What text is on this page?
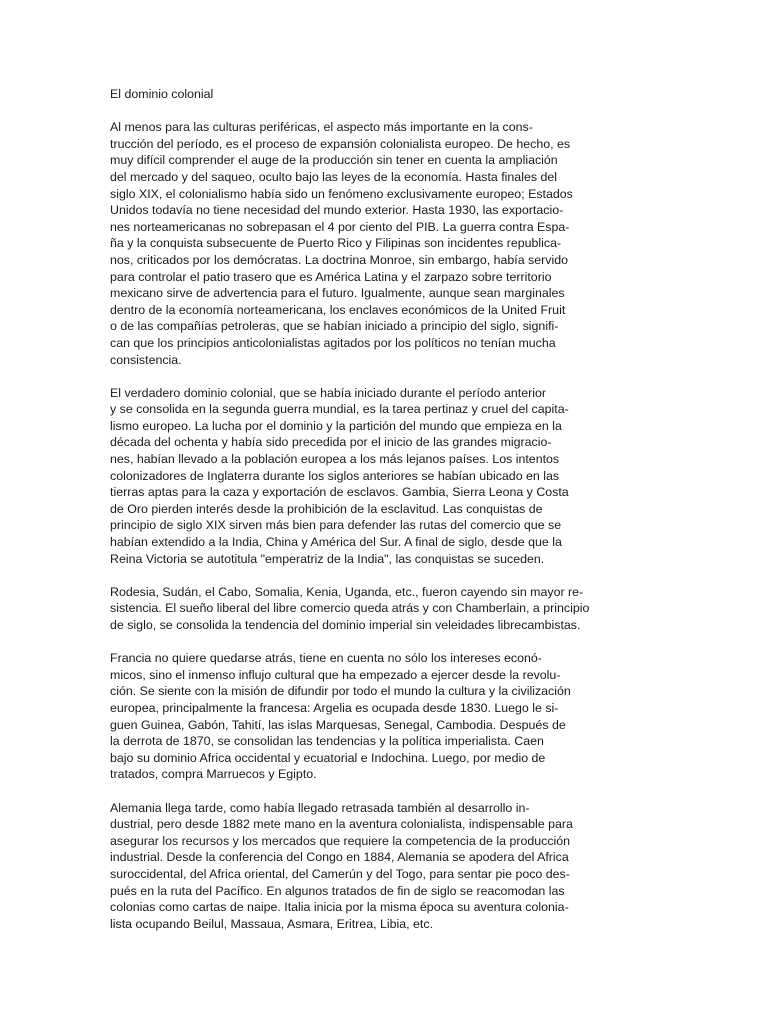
El dominio colonial
Al menos para las culturas periféricas, el aspecto más importante en la cons-
trucción del período, es el proceso de expansión colonialista europeo. De hecho, es
muy difícil comprender el auge de la producción sin tener en cuenta la ampliación
del mercado y del saqueo, oculto bajo las leyes de la economía. Hasta finales del
siglo XIX, el colonialismo había sido un fenómeno exclusivamente europeo; Estados
Unidos todavía no tiene necesidad del mundo exterior. Hasta 1930, las exportacio-
nes norteamericanas no sobrepasan el 4 por ciento del PIB. La guerra contra Espa-
ña y la conquista subsecuente de Puerto Rico y Filipinas son incidentes republica-
nos, criticados por los demócratas. La doctrina Monroe, sin embargo, había servido
para controlar el patio trasero que es América Latina y el zarpazo sobre territorio
mexicano sirve de advertencia para el futuro. Igualmente, aunque sean marginales
dentro de la economía norteamericana, los enclaves económicos de la United Fruit
o de las compañías petroleras, que se habían iniciado a principio del siglo, signifi-
can que los principios anticolonialistas agitados por los políticos no tenían mucha
consistencia.
El verdadero dominio colonial, que se había iniciado durante el período anterior
y se consolida en la segunda guerra mundial, es la tarea pertinaz y cruel del capita-
lismo europeo. La lucha por el dominio y la partición del mundo que empieza en la
década del ochenta y había sido precedida por el inicio de las grandes migracio-
nes, habían llevado a la población europea a los más lejanos países. Los intentos
colonizadores de Inglaterra durante los siglos anteriores se habían ubicado en las
tierras aptas para la caza y exportación de esclavos. Gambia, Sierra Leona y Costa
de Oro pierden interés desde la prohibición de la esclavitud. Las conquistas de
principio de siglo XIX sirven más bien para defender las rutas del comercio que se
habían extendido a la India, China y América del Sur. A final de siglo, desde que la
Reina Victoria se autotitula "emperatriz de la India", las conquistas se suceden.
Rodesia, Sudán, el Cabo, Somalia, Kenia, Uganda, etc., fueron cayendo sin mayor re-
sistencia. El sueño liberal del libre comercio queda atrás y con Chamberlain, a principio
de siglo, se consolida la tendencia del dominio imperial sin veleidades librecambistas.
Francia no quiere quedarse atrás, tiene en cuenta no sólo los intereses econó-
micos, sino el inmenso influjo cultural que ha empezado a ejercer desde la revolu-
ción. Se siente con la misión de difundir por todo el mundo la cultura y la civilización
europea, principalmente la francesa: Argelia es ocupada desde 1830. Luego le si-
guen Guinea, Gabón, Tahití, las islas Marquesas, Senegal, Cambodia. Después de
la derrota de 1870, se consolidan las tendencias y la política imperialista. Caen
bajo su dominio Africa occidental y ecuatorial e Indochina. Luego, por medio de
tratados, compra Marruecos y Egipto.
Alemania llega tarde, como había llegado retrasada también al desarrollo in-
dustrial, pero desde 1882 mete mano en la aventura colonialista, indispensable para
asegurar los recursos y los mercados que requiere la competencia de la producción
industrial. Desde la conferencia del Congo en 1884, Alemania se apodera del Africa
suroccidental, del Africa oriental, del Camerún y del Togo, para sentar pie poco des-
pués en la ruta del Pacífico. En algunos tratados de fin de siglo se reacomodan las
colonias como cartas de naipe. Italia inicia por la misma época su aventura colonia-
lista ocupando Beilul, Massaua, Asmara, Eritrea, Libia, etc.
